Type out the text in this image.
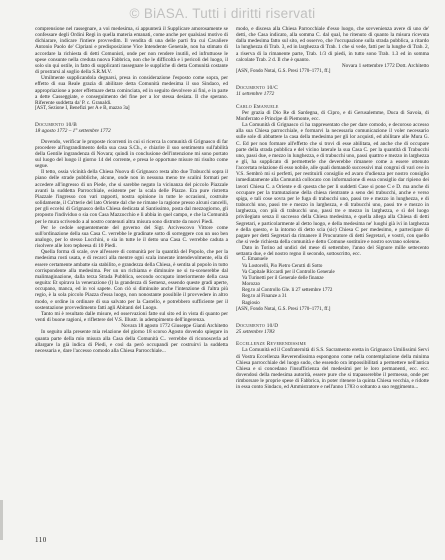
© BiASA. Tutti i diritti riservati

comprensione nel rassegnare, a voi medesima, si appunterà il Supplicare amorosamente se confessare degli Ordini Regi in quella materia emanati, come anche per qualsiasi motivo di dichiarare, indicare l'intiere provvedim. Il vendita di una delle parti fra cui Cavaliere Antonio Paolo de' Cipriani e predisposizione Vice Intendente Generale, non ha stimato di accordare la richiesta di detti Comunisti, onde per non rendere inutili, ed infruttuose le spese consunte nella creduta nuova Fabbrica, non che le difficoltà e i pericoli del luogo, il solo sin qui ostile, in fatto di supplicanti rassegnare le suppliche di detta Comunità costante di prostrarsi al soglio della S.R.M.V.

Umilmente supplicandola degnarsi, presa in considerazione l'esposto come sopra, per effetto di sua Reale grazia di abilitare detta Comunità medesima il suo Sindaco, ed appropriazione a poter effettuare detta cominciata, ed in seguito devolvere ai fini, e in parte a dette Casseggiate, e conseguimento del fine per a lor stessa desiata. Il che sperano. Riferente suddetta da' P. c. Granaldi.

[AST, Sezione I, Benefizi per A e B, mazzo 3a]

Documento 10/B

18 agosto 1772 – 1° settembre 1772

Dovendo, verificar le proposte ricorrenti in cui si ricerca la comunità di Grignasco di far procedere all'ingrandimento della sua casa S.Ch., e chiarire il suo sentimento sull'abilità della Gentile ingrandenza di Novara; quindi in conclusione dell'intenzione mi sono portato sul luogo del luogo il giorno 14 del corrente, e presa le opportune misure mi risulto come segue.

Il tetto, ossia vicinità della Chiesa Nuova di Grignasco resta alto due Trabucchi sopra il piano delle strade pubbliche, alcune, onde non in nessuna meno tre scalini formati per accedere all'ingresso di un Piede, che si sarebbe negato la vicinanza del piccolo Piazzale avanti la suddetta Parrocchiale, esistente per la scala delle Piazze. Era pure ristretta Piazzale l'ingresso con vari rapporti, nostra opinione in tutte le occasioni, costruite solidamente, il Ca'tterie del lato Oriente dal che ne rimane la ragione presso alcuni cancelli, per gli eccelsi di Grignasco della Chiesa dedicata al Santissimo, posta dal mezzogiorno, gli proposto l'individuo o sia con Casa Mazzocchio e li abbia in quel campo, e che la Comunità per le mura scrivendo a al nostro contenuti altra misura sono distrutte da nuovi Piedi.

Per le cedole seguentemente del governo del Sigr. Arcivescovo Vittore come sull'ordinazione della sua Casa C. verrebbe le gradinate sotto di sorreggere con un uso ben analogo, per lo stesso Lucchini, o sia in tutte le il detto una Casa C. verrebbe caduta a risolvere alle loro tepheesa di 10 Piedi.

Quella forma di scale, ove all'essere di comunità per la quantità del Popolo, che per la medesima rosti usata, e di recarci alla mentre ogni scala innerate intendevolmente, ella di essere certamente ambatte sia stabilito, e grandezza della Chiesa, è sentita al popolo in tutto corrispondente alla medesima. Per un un richiama e diminuire ne si tu-scenerebbe dal malimaginazione, dalla terza Strada Pubblica, secondo occupato interiormente della casa seguita: Et spirava la venerazione (l) la grandezza di Semenz, essendo queste gradi aperte, occupano, manca, ed in voi sapete. Con ciò si diminuite anche l'intenzione di l'altra più regio, è la sola piccolo Piazza d'essa luogo, non nonostante possibile il provvedere in altro modo, e ordine in ordinare di sua salvato per la Castello, e potrebbero sufficiente per il sostentazione provvedimento fatti agli Abitanti del Luogo.

Tanto mi è resultato dalle misure, ed osservazioni fatte sul sito ed in vista di quanto per venti di buone ragioni, e riflettere del V.S. Illustr. in adempimento dell'ingerenza.

Novara 18 agosto 1772 Giuseppe Gianti Architetto

In seguito alla presente mia relazione del giorno 18 scorso Agosto dovendo spiegare in quanta parte della mio misura alla Casa della Comunità C.. verrebbe di riconoscerla ad allargare la già indica di Piedi, e così da però occupandi per costruirvi la suddetta necessaria e, dare l'accesso comodo alla Chiesa Parrocchiale...

modo, e discesa alla Chiesa Parrocchiale d'esso luogo, che sovvenienza avere di uno de' detti, che Casa indicato, alla somma C. dal qual, ho ritenuto di quanto la misura ricevuta dalla medesima fatto sul sito, ed osservo, che l'occupazione sulla strada pubblica, a ritardo la lunghezza di Trab. 3, ed in larghezza di Trab. 1 che si vede, fatti per la lunghe di Trab. 2, a riserva di la rimanente parte, Trab. 1/3 di piedi, in tutto sono Trab. 1.3 ed in somma calcolate Trab. 2 d. Il che è quanto.

Novara 1 settembre 1772 Dott. Architetto

[ASN, Fondo Notai, G.S. Presi 1770–1771, ff.]

Documento 10/C

11 settembre 1772

Carlo Emanuele

Per grazia di Dio Re di Sardegna, di Cipro, e di Gerusalemme, Duca di Savoia, di Monferrato e Principe di Piemonte, ecc.

La Comunità di Grignasco ci ha rappresentato che per dare comodo, e decoroso accesso alla sua Chiesa parrocchiale, e formarvi la necessaria comunicazione il voler necessario sulle sole di abbattere la casa della medesima per gli lor acquisti, ed abilitare alle Mura G. C. Ed per non formare all'effetto che si trovi di esse abilitata, ed anche che di occupare parte della strada pubblica e del vicino laterale la sua Casa C. per la quantità di Trabucchi uno, passi due, e mezzo in lunghezza, e di trabucchi uno, passi quattro e mezzo in larghezza e gli, ha supplicato di permetterle che deverebbe rimanere come a essere ottenuto l'accertata relazione di esso nobile, alle quali domandò successivi mai congrui di vari ove in V.S. Sembrò mi si perfetti, per restituirli consiglio ed avaro d'udienza per nostro consiglio inmediatamente alla Comunità collocato con informazione di essa consiglio dar ripieno dei lavori Chiesa C. a Oriente e di questa che per li suddetti Case si pone C e D. ma anche di occupare per la tramutazione della chiesa rientrante a seno dei trabucchi, anche e verso spiga, e tali cose sovra per le fuga di trabucchi uno, passi tre e mezzo in lunghezza, e di trabucchi uno, passi tre e mezzo in larghezza, e di trabucchi uno, passi tre e mezzo in larghezza, con più di trabucchi uno, passi tre e mezzo in larghezza, e sì del luogo privilegiato senza il successo della Chiesa medesima, e quella allega alla Chiesa di detti Segretari, e particolarmente al detto luogo, e della medesima ne' luoghi già ivi in larghezza e della questo, e la intorno di detto scia (sic) Chiesa C per medesimo, e partecipare di pagare per detti Segretari da rimanere il Procuratore di detti Segretari, e vostri, con quello che si vede richiesta della comunità e detto Comune sostituire e nostro sovrano solenne.

Dato in Torino ad undici del mese di settembre, l'anno del Signore mille settecento settanta due, e del nostro regno il secondo, sottoscritto, ecc.

C. Emanuele

Va Lostorelli, Pio Pietro Cerutti di Sotto

Va Capitale Riccardi per il Controllo Generale

Va Turinetti per il Generale delle finanze

Morozzo

Reg.to al Controllo Gle. li 27 settembre 1772

Reg.to al Finanze a 31

Ragiosio

[ASN, Fondo Notai, G.S. Presi 1770–1771, ff.]

Documento 10/D

25 settembre 1783

Eccellenze Reverendissime

La Comunità ed il Confraternità di S.S. Sacramento eretta in Grignasco Umilissimi Servi di Vostra Eccellenza Reverendissima espongono come nella contemplazione della minima Chiesa parrocchiale del luogo sudo, che essendo ora impossibilitati a permettere nell'antica Chiesa e si concedano l'insufficienza del medesimi per le loro permanenti, ecc. ecc. dovendosi della medesima autorità, essere pure che si trapasserebbe il permesso, onde per rimborsare le proprie spese di Fabbrica, in poter ritenere la quinta Chiesa vecchia, e ridotte in essa conto Sindaco, ed Ammistratore e nell'anno 1783 o soltanto a suo reggimento...

110
